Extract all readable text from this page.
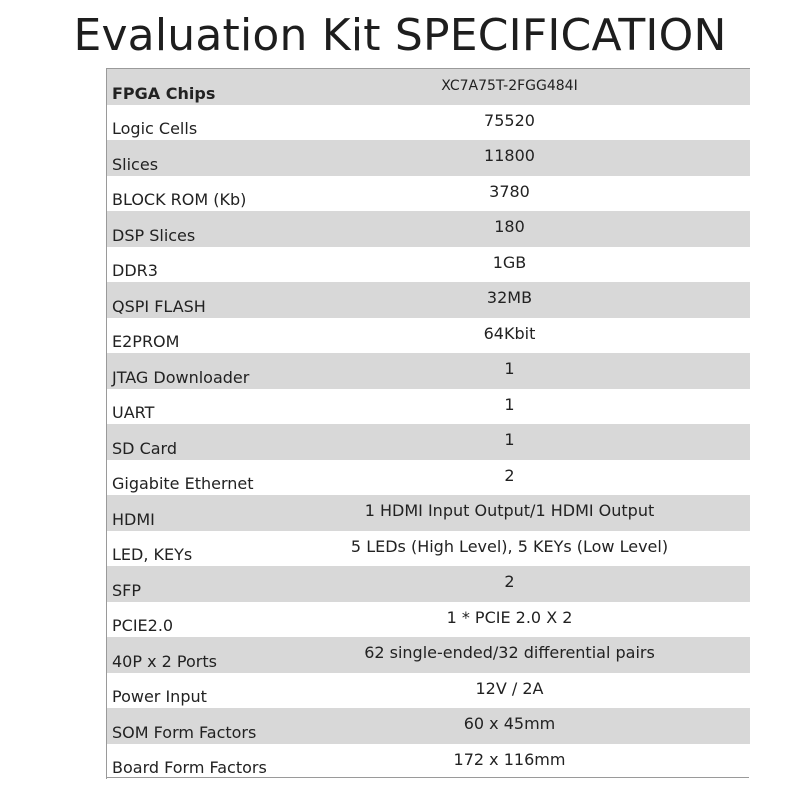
Evaluation Kit SPECIFICATION
FPGA Chips	XC7A75T-2FGG484I
Logic Cells	75520
Slices	11800
BLOCK ROM (Kb)	3780
DSP Slices	180
DDR3	1GB
QSPI FLASH	32MB
E2PROM	64Kbit
JTAG Downloader	1
UART	1
SD Card	1
Gigabite Ethernet	2
HDMI	1 HDMI Input Output/1 HDMI Output
LED, KEYs	5 LEDs (High Level), 5 KEYs (Low Level)
SFP	2
PCIE2.0	1 * PCIE 2.0 X 2
40P x 2 Ports	62 single-ended/32 differential pairs
Power Input	12V / 2A
SOM Form Factors	60 x 45mm
Board Form Factors	172 x 116mm
